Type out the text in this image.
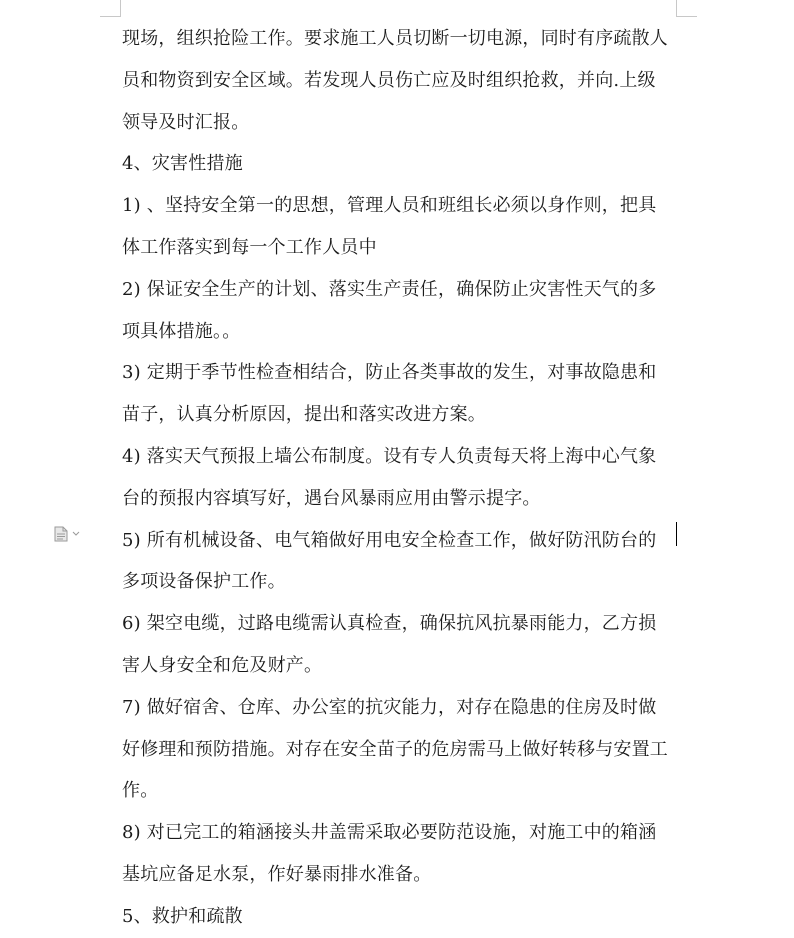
现场，组织抢险工作。要求施工人员切断一切电源，同时有序疏散人
员和物资到安全区域。若发现人员伤亡应及时组织抢救，并向.上级
领导及时汇报。
4、灾害性措施
1) 、坚持安全第一的思想，管理人员和班组长必须以身作则，把具
体工作落实到每一个工作人员中
2) 保证安全生产的计划、落实生产责任，确保防止灾害性天气的多
项具体措施。。
3) 定期于季节性检查相结合，防止各类事故的发生，对事故隐患和
苗子，认真分析原因，提出和落实改进方案。
4) 落实天气预报上墙公布制度。设有专人负责每天将上海中心气象
台的预报内容填写好，遇台风暴雨应用由警示提字。
5) 所有机械设备、电气箱做好用电安全检查工作，做好防汛防台的
多项设备保护工作。
6) 架空电缆，过路电缆需认真检查，确保抗风抗暴雨能力，乙方损
害人身安全和危及财产。
7) 做好宿舍、仓库、办公室的抗灾能力，对存在隐患的住房及时做
好修理和预防措施。对存在安全苗子的危房需马上做好转移与安置工
作。
8) 对已完工的箱涵接头井盖需采取必要防范设施，对施工中的箱涵
基坑应备足水泵，作好暴雨排水准备。
5、救护和疏散
